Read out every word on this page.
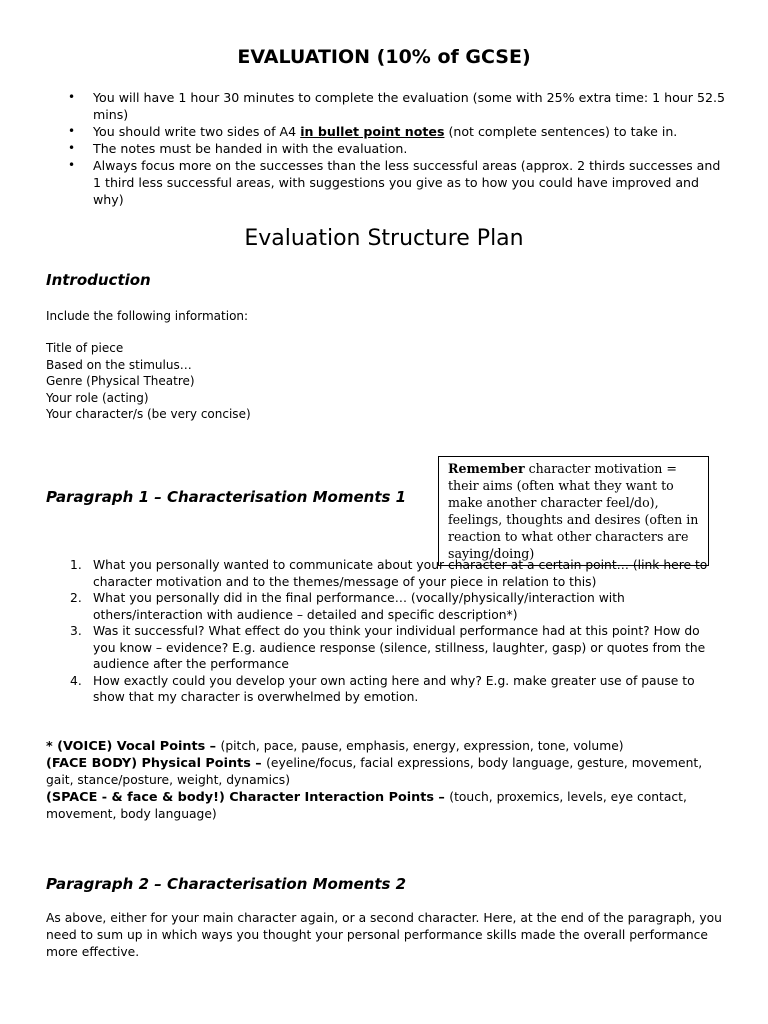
EVALUATION (10% of GCSE)
• You will have 1 hour 30 minutes to complete the evaluation (some with 25% extra time: 1 hour 52.5 mins)
• You should write two sides of A4 in bullet point notes (not complete sentences) to take in.
• The notes must be handed in with the evaluation.
• Always focus more on the successes than the less successful areas (approx. 2 thirds successes and 1 third less successful areas, with suggestions you give as to how you could have improved and why)
Evaluation Structure Plan
Introduction
Include the following information:
Title of piece
Based on the stimulus…
Genre (Physical Theatre)
Your role (acting)
Your character/s (be very concise)
Remember character motivation = their aims (often what they want to make another character feel/do), feelings, thoughts and desires (often in reaction to what other characters are saying/doing)
Paragraph 1 – Characterisation Moments 1
1. What you personally wanted to communicate about your character at a certain point… (link here to character motivation and to the themes/message of your piece in relation to this)
2. What you personally did in the final performance… (vocally/physically/interaction with others/interaction with audience – detailed and specific description*)
3. Was it successful? What effect do you think your individual performance had at this point? How do you know – evidence? E.g. audience response (silence, stillness, laughter, gasp) or quotes from the audience after the performance
4. How exactly could you develop your own acting here and why? E.g. make greater use of pause to show that my character is overwhelmed by emotion.

* (VOICE) Vocal Points – (pitch, pace, pause, emphasis, energy, expression, tone, volume)

(FACE BODY) Physical Points – (eyeline/focus, facial expressions, body language, gesture, movement, gait, stance/posture, weight, dynamics)

(SPACE - & face & body!) Character Interaction Points – (touch, proxemics, levels, eye contact, movement, body language)

Paragraph 2 – Characterisation Moments 2
As above, either for your main character again, or a second character. Here, at the end of the paragraph, you need to sum up in which ways you thought your personal performance skills made the overall performance more effective.
